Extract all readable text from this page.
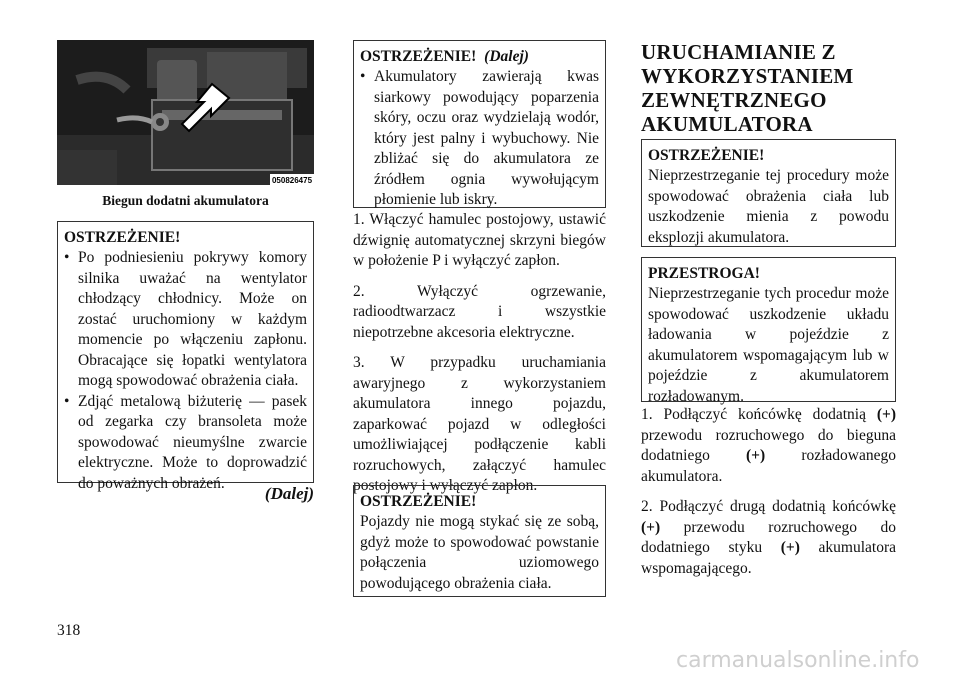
050826475
Biegun dodatni akumulatora
OSTRZEŻENIE!
• Po podniesieniu pokrywy komory silnika uważać na wentylator chłodzący chłodnicy. Może on zostać uruchomiony w każdym momencie po włączeniu zapłonu. Obracające się łopatki wentylatora mogą spowodować obrażenia ciała.
• Zdjąć metalową biżuterię — pasek od zegarka czy bransoleta może spowodować nieumyślne zwarcie elektryczne. Może to doprowadzić do poważnych obrażeń.
(Dalej)
OSTRZEŻENIE! (Dalej)
• Akumulatory zawierają kwas siarkowy powodujący poparzenia skóry, oczu oraz wydzielają wodór, który jest palny i wybuchowy. Nie zbliżać się do akumulatora ze źródłem ognia wywołującym płomienie lub iskry.

1. Włączyć hamulec postojowy, ustawić dźwignię automatycznej skrzyni biegów w położenie P i wyłączyć zapłon.

2. Wyłączyć ogrzewanie, radioodtwarzacz i wszystkie niepotrzebne akcesoria elektryczne.

3. W przypadku uruchamiania awaryjnego z wykorzystaniem akumulatora innego pojazdu, zaparkować pojazd w odległości umożliwiającej podłączenie kabli rozruchowych, załączyć hamulec postojowy i wyłączyć zapłon.

OSTRZEŻENIE!
Pojazdy nie mogą stykać się ze sobą, gdyż może to spowodować powstanie połączenia uziomowego powodującego obrażenia ciała.
URUCHAMIANIE Z WYKORZYSTANIEM ZEWNĘTRZNEGO AKUMULATORA
OSTRZEŻENIE!
Nieprzestrzeganie tej procedury może spowodować obrażenia ciała lub uszkodzenie mienia z powodu eksplozji akumulatora.
PRZESTROGA!
Nieprzestrzeganie tych procedur może spowodować uszkodzenie układu ładowania w pojeździe z akumulatorem wspomagającym lub w pojeździe z akumulatorem rozładowanym.

1. Podłączyć końcówkę dodatnią (+) przewodu rozruchowego do bieguna dodatniego (+) rozładowanego akumulatora.

2. Podłączyć drugą dodatnią końcówkę (+) przewodu rozruchowego do dodatniego styku (+) akumulatora wspomagającego.

318
carmanualsonline.info
